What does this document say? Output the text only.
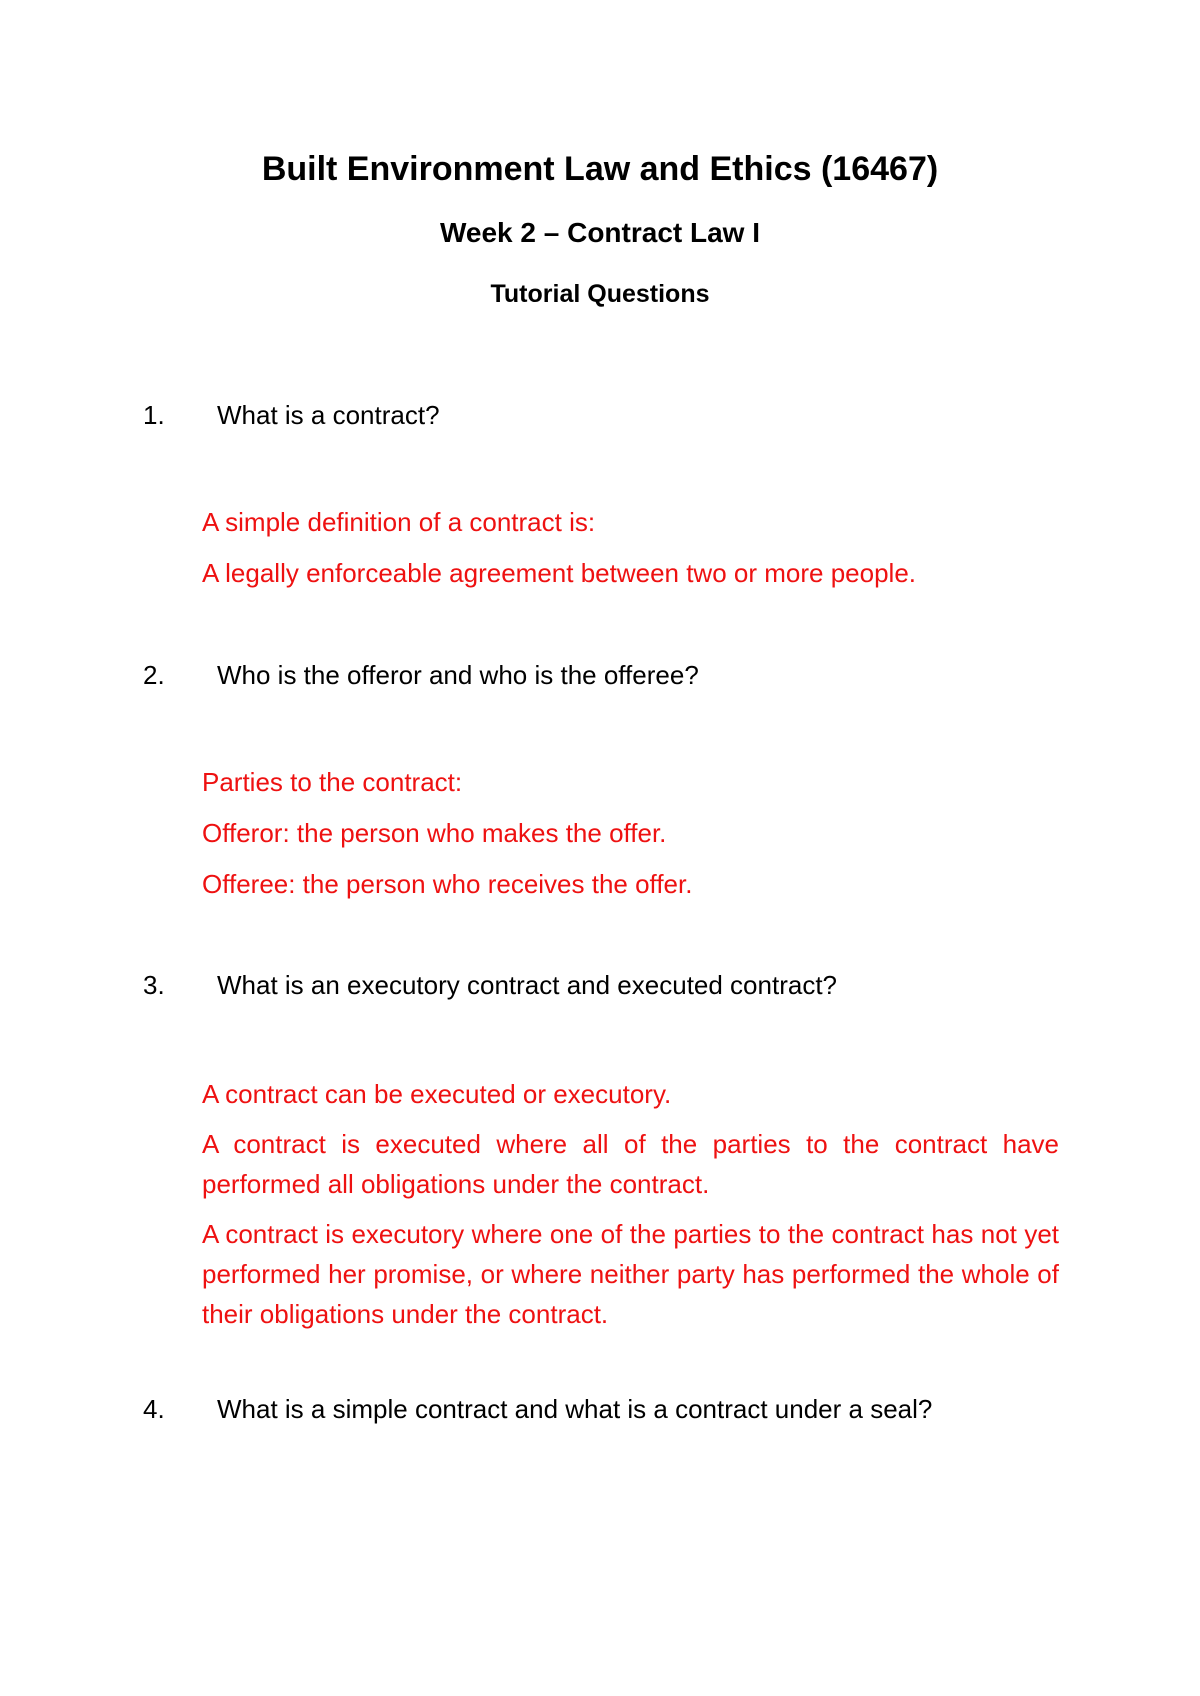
Built Environment Law and Ethics (16467)
Week 2 – Contract Law I
Tutorial Questions
1. What is a contract?
A simple definition of a contract is:
A legally enforceable agreement between two or more people.
2. Who is the offeror and who is the offeree?
Parties to the contract:
Offeror: the person who makes the offer.
Offeree: the person who receives the offer.
3. What is an executory contract and executed contract?
A contract can be executed or executory.
A contract is executed where all of the parties to the contract have performed all obligations under the contract.
A contract is executory where one of the parties to the contract has not yet performed her promise, or where neither party has performed the whole of their obligations under the contract.
4. What is a simple contract and what is a contract under a seal?
